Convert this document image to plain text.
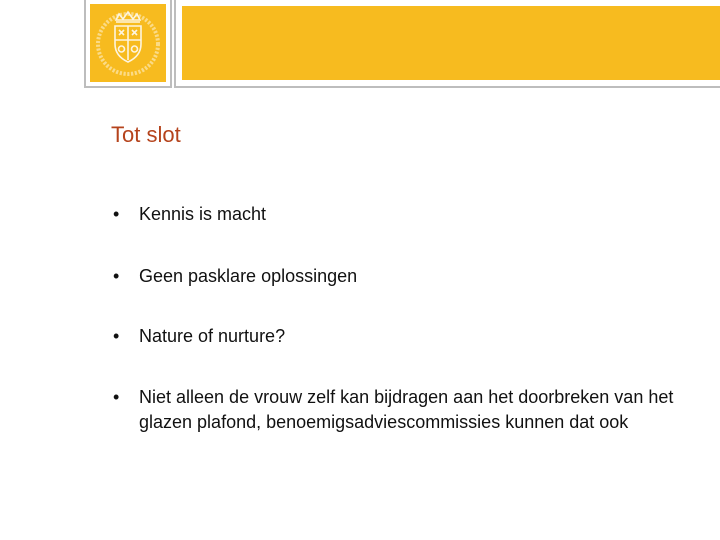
Tot slot
•	Kennis is macht
•	Geen pasklare oplossingen
•	Nature of nurture?
•	Niet alleen de vrouw zelf kan bijdragen aan het doorbreken van het glazen plafond, benoemigsadviescommissies kunnen dat ook
